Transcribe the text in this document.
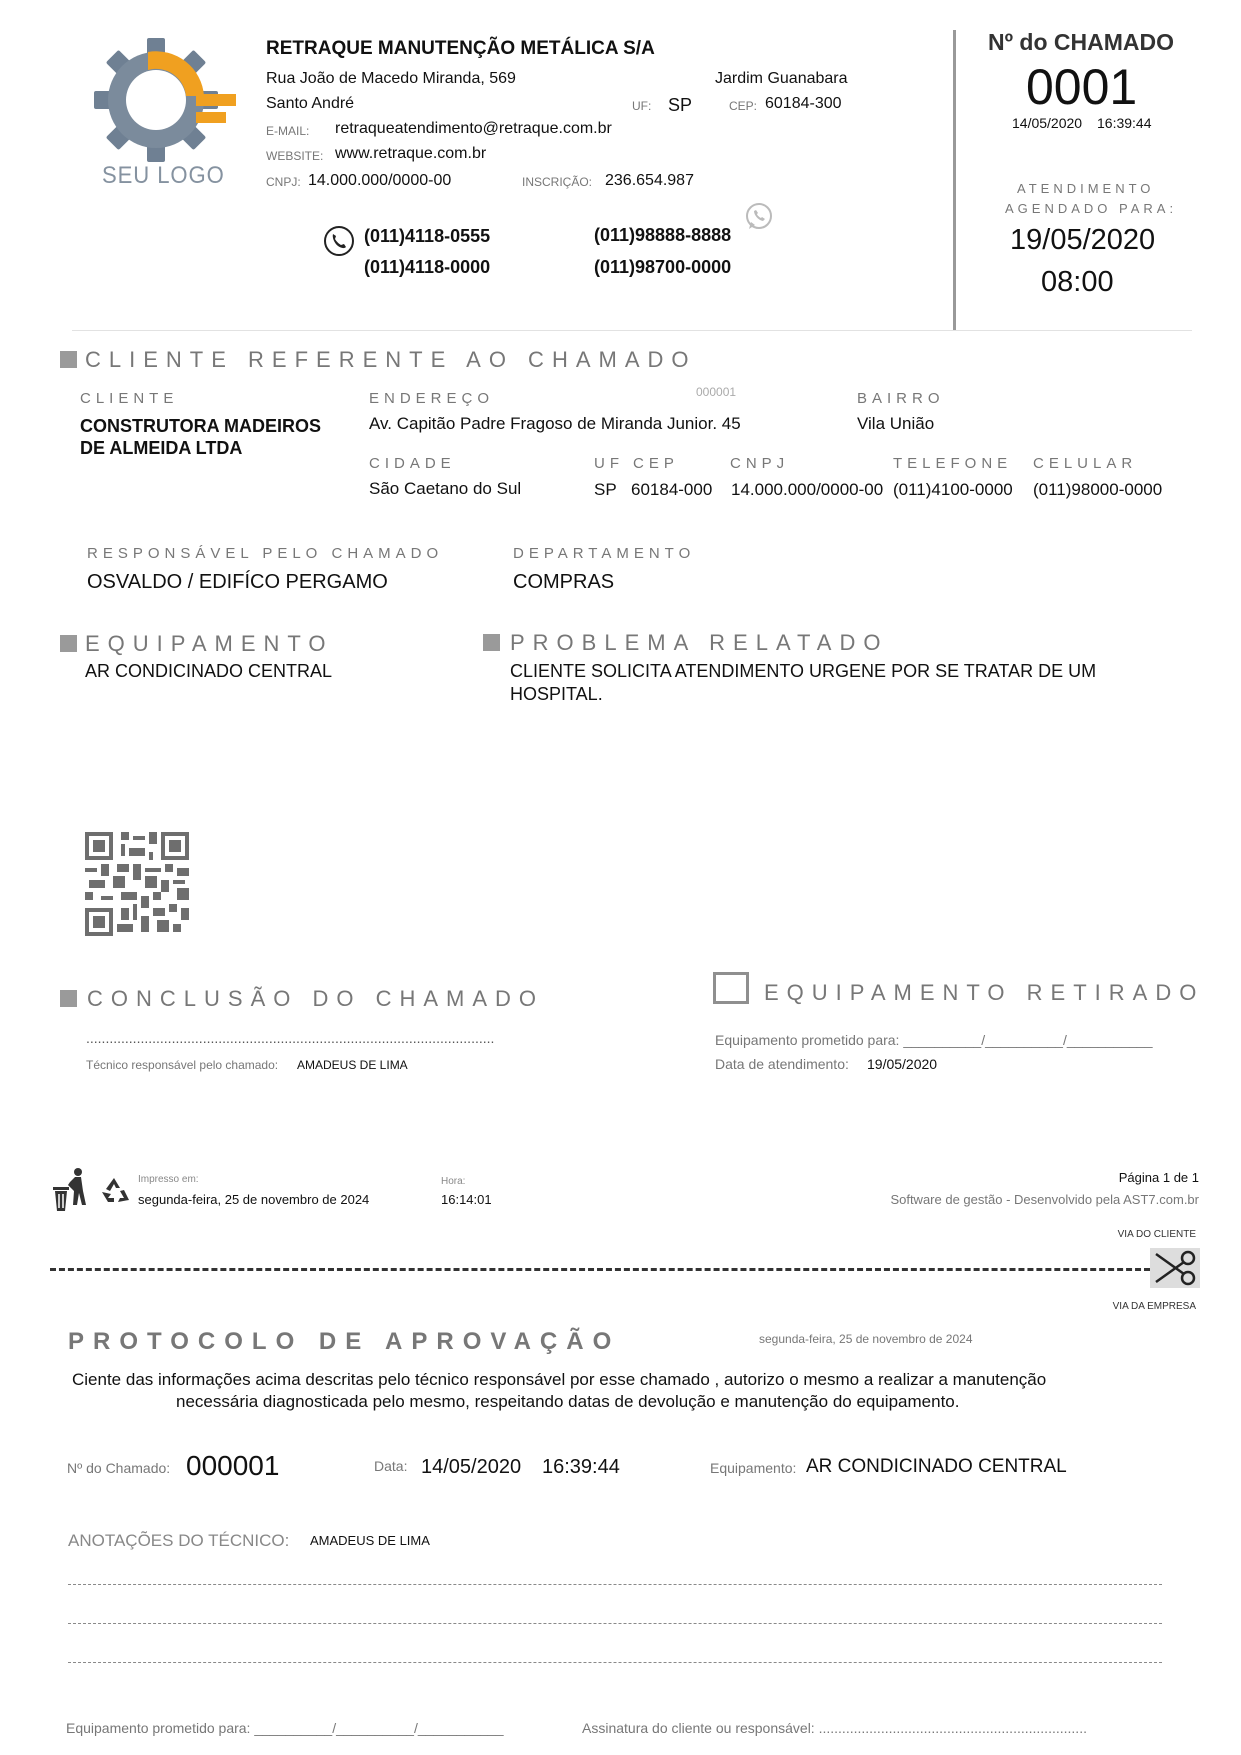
SEU LOGO
RETRAQUE MANUTENÇÃO METÁLICA S/A
Rua João de Macedo Miranda, 569	Jardim Guanabara
Santo André	UF: SP	CEP: 60184-300
E-MAIL: retraqueatendimento@retraque.com.br
WEBSITE: www.retraque.com.br
CNPJ: 14.000.000/0000-00	INSCRIÇÃO: 236.654.987
(011)4118-0555
(011)4118-0000
(011)98888-8888
(011)98700-0000
Nº do CHAMADO
0001
14/05/2020 16:39:44
ATENDIMENTO
AGENDADO PARA:
19/05/2020
08:00
CLIENTE REFERENTE AO CHAMADO
000001
CLIENTE
CONSTRUTORA MADEIROS
DE ALMEIDA LTDA
ENDEREÇO
Av. Capitão Padre Fragoso de Miranda Junior. 45
BAIRRO
Vila União
CIDADE
São Caetano do Sul
UF
SP
CEP
60184-000
CNPJ
14.000.000/0000-00
TELEFONE
(011)4100-0000
CELULAR
(011)98000-0000
RESPONSÁVEL PELO CHAMADO
OSVALDO / EDIFÍCO PERGAMO
DEPARTAMENTO
COMPRAS
EQUIPAMENTO
AR CONDICINADO CENTRAL
PROBLEMA RELATADO
CLIENTE SOLICITA ATENDIMENTO URGENE POR SE TRATAR DE UM
HOSPITAL.
CONCLUSÃO DO CHAMADO
.........................................................................................................
Técnico responsável pelo chamado: AMADEUS DE LIMA
EQUIPAMENTO RETIRADO
Equipamento prometido para: __________/__________/___________
Data de atendimento: 19/05/2020
Impresso em:
segunda-feira, 25 de novembro de 2024
Hora:
16:14:01
Página 1 de 1
Software de gestão - Desenvolvido pela AST7.com.br
VIA DO CLIENTE
VIA DA EMPRESA
PROTOCOLO DE APROVAÇÃO	segunda-feira, 25 de novembro de 2024
Ciente das informações acima descritas pelo técnico responsável por esse chamado , autorizo o mesmo a realizar a manutenção
necessária diagnosticada pelo mesmo, respeitando datas de devolução e manutenção do equipamento.
Nº do Chamado: 000001	Data: 14/05/2020 16:39:44	Equipamento: AR CONDICINADO CENTRAL
ANOTAÇÕES DO TÉCNICO: AMADEUS DE LIMA
Equipamento prometido para: __________/__________/___________	Assinatura do cliente ou responsável: .....................................................................
